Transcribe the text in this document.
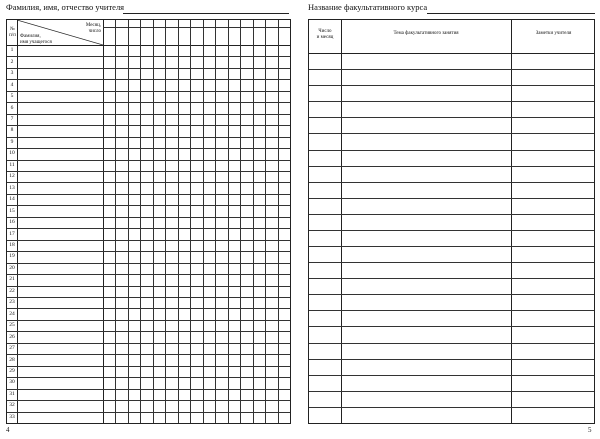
Фамилия, имя, отчество учителя
№
п/п
Месяц,
число
Фамилия,
имя учащегося
1
2
3
4
5
6
7
8
9
10
11
12
13
14
15
16
17
18
19
20
21
22
23
24
25
26
27
28
29
30
31
32
33
4
Название факультативного курса
Число
и месяц
Тема факультативного занятия	Заметки учителя
5
